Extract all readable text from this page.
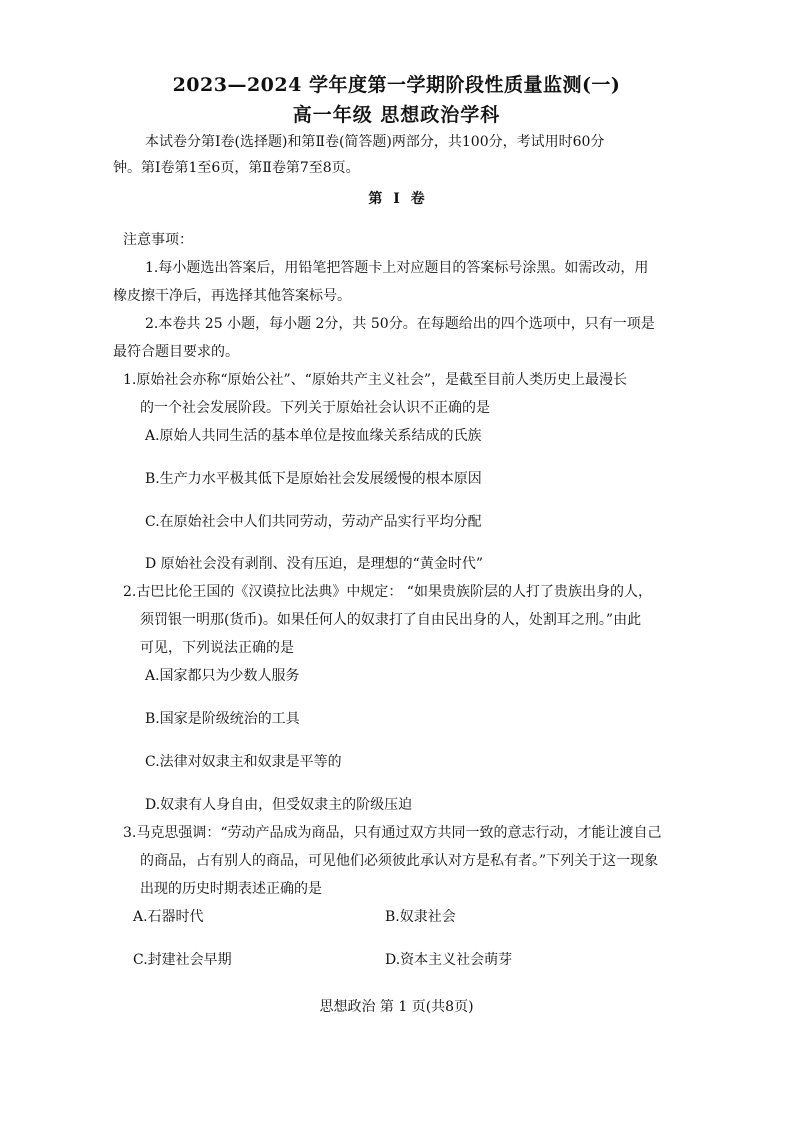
2023—2024 学年度第一学期阶段性质量监测(一)
高一年级 思想政治学科
本试卷分第Ⅰ卷(选择题)和第Ⅱ卷(简答题)两部分，共100分，考试用时60分
钟。第Ⅰ卷第1至6页，第Ⅱ卷第7至8页。
第 Ⅰ 卷
注意事项：
1.每小题选出答案后，用铅笔把答题卡上对应题目的答案标号涂黑。如需改动，用
橡皮擦干净后，再选择其他答案标号。
2.本卷共 25 小题，每小题 2分，共 50分。在每题给出的四个选项中，只有一项是
最符合题目要求的。
1.原始社会亦称“原始公社”、“原始共产主义社会”，是截至目前人类历史上最漫长
的一个社会发展阶段。下列关于原始社会认识不正确的是
A.原始人共同生活的基本单位是按血缘关系结成的氏族
B.生产力水平极其低下是原始社会发展缓慢的根本原因
C.在原始社会中人们共同劳动，劳动产品实行平均分配
D 原始社会没有剥削、没有压迫，是理想的“黄金时代”
2.古巴比伦王国的《汉谟拉比法典》中规定： “如果贵族阶层的人打了贵族出身的人，
须罚银一明那(货币)。如果任何人的奴隶打了自由民出身的人，处割耳之刑。”由此
可见，下列说法正确的是
A.国家都只为少数人服务
B.国家是阶级统治的工具
C.法律对奴隶主和奴隶是平等的
D.奴隶有人身自由，但受奴隶主的阶级压迫
3.马克思强调：“劳动产品成为商品，只有通过双方共同一致的意志行动，才能让渡自己
的商品，占有别人的商品，可见他们必须彼此承认对方是私有者。”下列关于这一现象
出现的历史时期表述正确的是
A.石器时代	B.奴隶社会
C.封建社会早期	D.资本主义社会萌芽
思想政治 第 1 页(共8页)
